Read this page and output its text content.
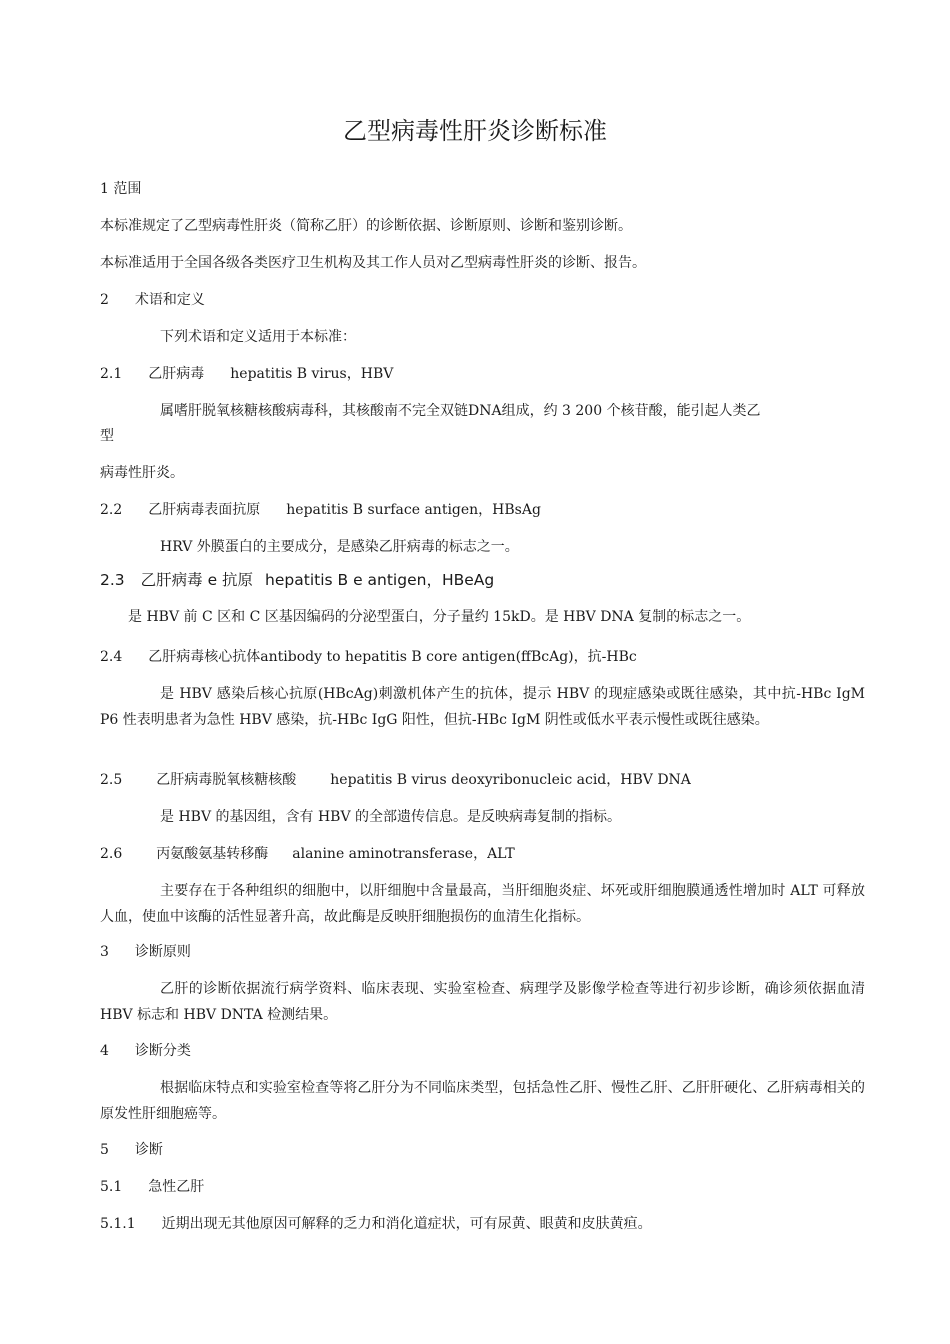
乙型病毒性肝炎诊断标准
1 范围
本标准规定了乙型病毒性肝炎（简称乙肝）的诊断依据、诊断原则、诊断和鉴别诊断。
本标准适用于全国各级各类医疗卫生机构及其工作人员对乙型病毒性肝炎的诊断、报告。
2 术语和定义
下列术语和定义适用于本标准：
2.1 乙肝病毒 hepatitis B virus，HBV
属嗜肝脱氧核糖核酸病毒科，其核酸南不完全双链DNA组成，约 3 200 个核苷酸，能引起人类乙
型
病毒性肝炎。
2.2 乙肝病毒表面抗原 hepatitis B surface antigen，HBsAg
HRV 外膜蛋白的主要成分，是感染乙肝病毒的标志之一。
2.3 乙肝病毒 e 抗原 hepatitis B e antigen，HBeAg
是 HBV 前 C 区和 C 区基因编码的分泌型蛋白，分子量约 15kD。是 HBV DNA 复制的标志之一。
2.4 乙肝病毒核心抗体antibody to hepatitis B core antigen(ffBcAg)，抗-HBc
是 HBV 感染后核心抗原(HBcAg)刺激机体产生的抗体，提示 HBV 的现症感染或既往感染，其中抗-HBc IgM P6 性表明患者为急性 HBV 感染，抗-HBc IgG 阳性，但抗-HBc IgM 阴性或低水平表示慢性或既往感染。
2.5 乙肝病毒脱氧核糖核酸 hepatitis B virus deoxyribonucleic acid，HBV DNA
是 HBV 的基因组，含有 HBV 的全部遗传信息。是反映病毒复制的指标。
2.6 丙氨酸氨基转移酶 alanine aminotransferase，ALT
主要存在于各种组织的细胞中，以肝细胞中含量最高，当肝细胞炎症、坏死或肝细胞膜通透性增加时 ALT 可释放人血，使血中该酶的活性显著升高，故此酶是反映肝细胞损伤的血清生化指标。
3 诊断原则
乙肝的诊断依据流行病学资料、临床表现、实验室检查、病理学及影像学检查等进行初步诊断，确诊须依据血清 HBV 标志和 HBV DNTA 检测结果。
4 诊断分类
根据临床特点和实验室检查等将乙肝分为不同临床类型，包括急性乙肝、慢性乙肝、乙肝肝硬化、乙肝病毒相关的原发性肝细胞癌等。
5 诊断
5.1 急性乙肝
5.1.1 近期出现无其他原因可解释的乏力和消化道症状，可有尿黄、眼黄和皮肤黄疸。
